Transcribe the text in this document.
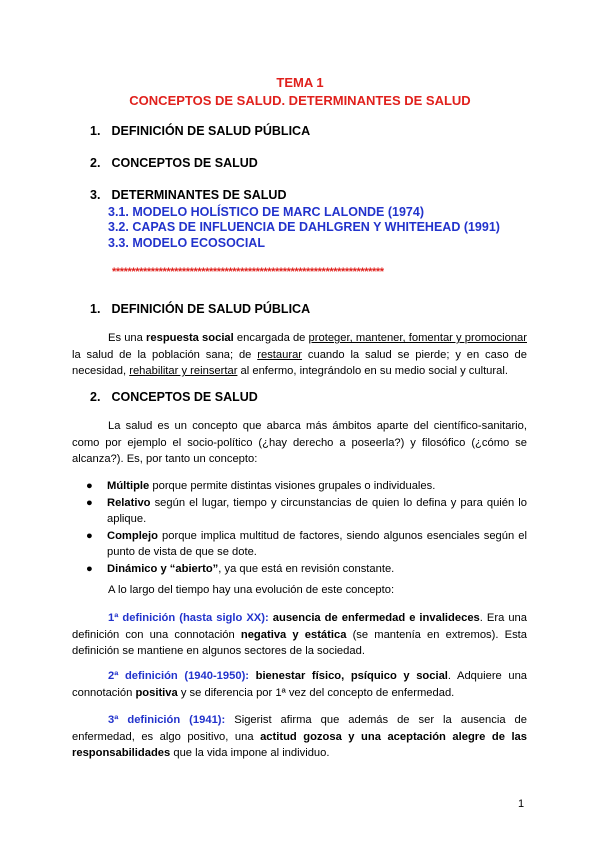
TEMA 1
CONCEPTOS DE SALUD. DETERMINANTES DE SALUD
1. DEFINICIÓN DE SALUD PÚBLICA
2. CONCEPTOS DE SALUD
3. DETERMINANTES DE SALUD
3.1. MODELO HOLÍSTICO DE MARC LALONDE (1974)
3.2. CAPAS DE INFLUENCIA DE DAHLGREN Y WHITEHEAD (1991)
3.3. MODELO ECOSOCIAL
**********************************************************************
1. DEFINICIÓN DE SALUD PÚBLICA
Es una respuesta social encargada de proteger, mantener, fomentar y promocionar la salud de la población sana; de restaurar cuando la salud se pierde; y en caso de necesidad, rehabilitar y reinsertar al enfermo, integrándolo en su medio social y cultural.
2. CONCEPTOS DE SALUD
La salud es un concepto que abarca más ámbitos aparte del científico-sanitario, como por ejemplo el socio-político (¿hay derecho a poseerla?) y filosófico (¿cómo se alcanza?). Es, por tanto un concepto:
● Múltiple porque permite distintas visiones grupales o individuales.
● Relativo según el lugar, tiempo y circunstancias de quien lo defina y para quién lo aplique.
● Complejo porque implica multitud de factores, siendo algunos esenciales según el punto de vista de que se dote.
● Dinámico y “abierto”, ya que está en revisión constante.
A lo largo del tiempo hay una evolución de este concepto:
1ª definición (hasta siglo XX): ausencia de enfermedad e invalideces. Era una definición con una connotación negativa y estática (se mantenía en extremos). Esta definición se mantiene en algunos sectores de la sociedad.
2ª definición (1940-1950): bienestar físico, psíquico y social. Adquiere una connotación positiva y se diferencia por 1ª vez del concepto de enfermedad.
3ª definición (1941): Sigerist afirma que además de ser la ausencia de enfermedad, es algo positivo, una actitud gozosa y una aceptación alegre de las responsabilidades que la vida impone al individuo.
1
